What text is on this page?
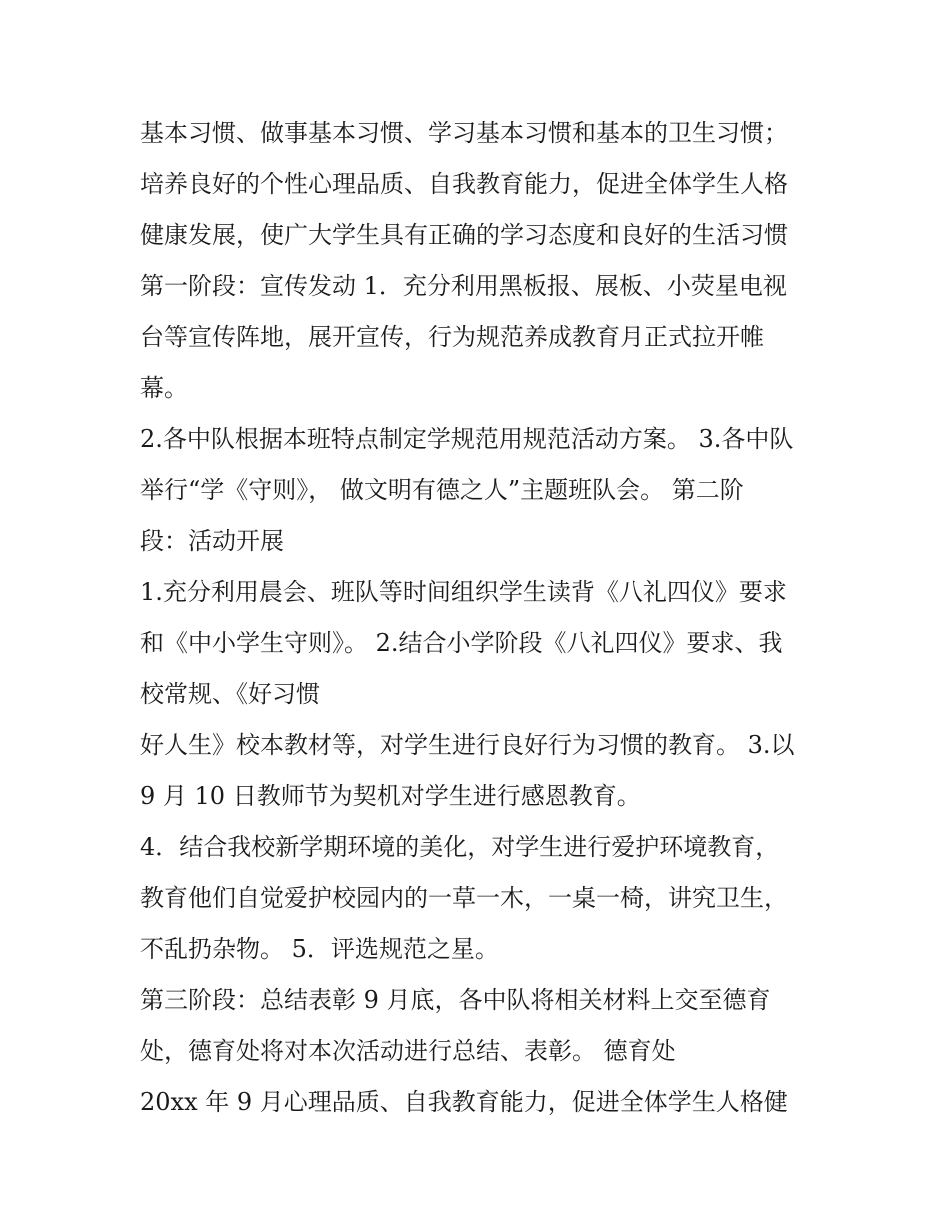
基本习惯、做事基本习惯、学习基本习惯和基本的卫生习惯；
培养良好的个性心理品质、自我教育能力，促进全体学生人格
健康发展，使广大学生具有正确的学习态度和良好的生活习惯
第一阶段：宣传发动 1．充分利用黑板报、展板、小荧星电视
台等宣传阵地，展开宣传，行为规范养成教育月正式拉开帷
幕。
2.各中队根据本班特点制定学规范用规范活动方案。 3.各中队
举行“学《守则》， 做文明有德之人”主题班队会。 第二阶
段：活动开展
1.充分利用晨会、班队等时间组织学生读背《八礼四仪》要求
和《中小学生守则》。 2.结合小学阶段《八礼四仪》要求、我
校常规、《好习惯
好人生》校本教材等，对学生进行良好行为习惯的教育。 3.以
9 月 10 日教师节为契机对学生进行感恩教育。
4．结合我校新学期环境的美化，对学生进行爱护环境教育，
教育他们自觉爱护校园内的一草一木，一桌一椅，讲究卫生，
不乱扔杂物。 5．评选规范之星。
第三阶段：总结表彰 9 月底，各中队将相关材料上交至德育
处，德育处将对本次活动进行总结、表彰。 德育处
20xx 年 9 月心理品质、自我教育能力，促进全体学生人格健
